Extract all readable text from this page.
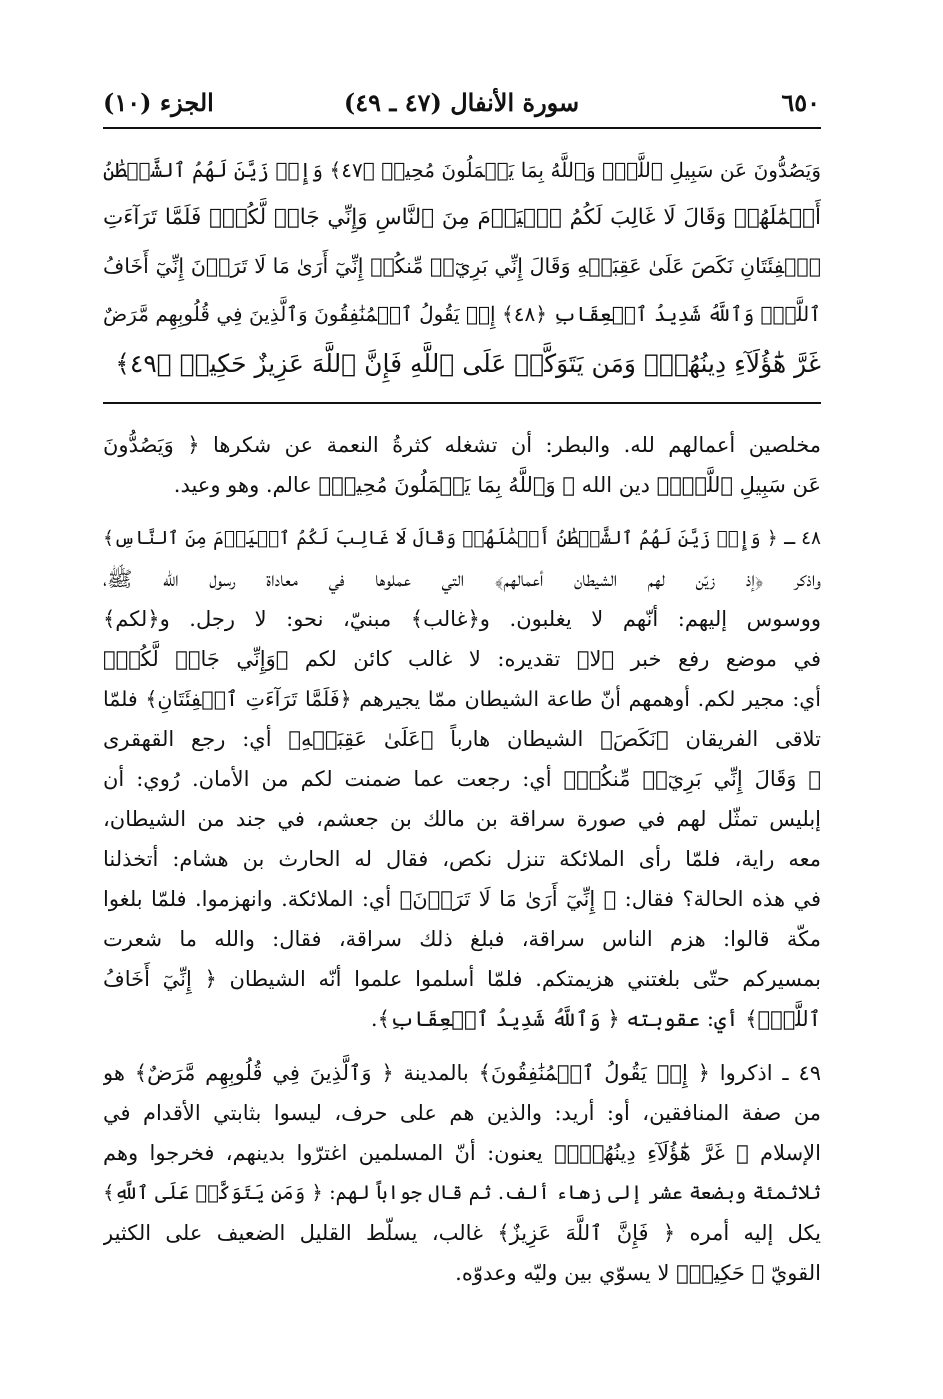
٦٥٠
سورة الأنفال (٤٧ ـ ٤٩)
الجزء (١٠)
وَيَصُدُّونَ عَن سَبِيلِ ٱللَّهِۚ وَٱللَّهُ بِمَا يَعۡمَلُونَ مُحِيطٞ ﴿٤٧﴾ وَإِذۡ زَيَّنَ لَهُمُ ٱلشَّيۡطَٰنُ
أَعۡمَٰلَهُمۡ وَقَالَ لَا غَالِبَ لَكُمُ ٱلۡيَوۡمَ مِنَ ٱلنَّاسِ وَإِنِّي جَارٞ لَّكُمۡۖ فَلَمَّا تَرَآءَتِ
ٱلۡفِئَتَانِ نَكَصَ عَلَىٰ عَقِبَيۡهِ وَقَالَ إِنِّي بَرِيٓءٞ مِّنكُمۡ إِنِّيٓ أَرَىٰ مَا لَا تَرَوۡنَ إِنِّيٓ أَخَافُ
ٱللَّهَۚ وَٱللَّهُ شَدِيدُ ٱلۡعِقَابِ ﴿٤٨﴾ إِذۡ يَقُولُ ٱلۡمُنَٰفِقُونَ وَٱلَّذِينَ فِي قُلُوبِهِم مَّرَضٌ
غَرَّ هَٰٓؤُلَآءِ دِينُهُمۡۗ وَمَن يَتَوَكَّلۡ عَلَى ٱللَّهِ فَإِنَّ ٱللَّهَ عَزِيزٌ حَكِيمٞ ﴿٤٩﴾
مخلصين أعمالهم لله. والبطر: أن تشغله كثرةُ النعمة عن شكرها ﴿ وَيَصُدُّونَ
عَن سَبِيلِ ٱللَّهِۚ﴾ دين الله ﴿ وَٱللَّهُ بِمَا يَعۡمَلُونَ مُحِيطٞ﴾ عالم. وهو وعيد.
٤٨ ـ ﴿ وَإِذۡ زَيَّنَ لَهُمُ ٱلشَّيۡطَٰنُ أَعۡمَٰلَهُمۡ وَقَالَ لَا غَالِبَ لَكُمُ ٱلۡيَوۡمَ مِنَ ٱلنَّاسِ﴾
واذكر ﴿إذ زيّن لهم الشيطان أعمالهم﴾ التي عملوها في معاداة رسول الله ﷺ،
ووسوس إليهم: أنّهم لا يغلبون. و﴿غالب﴾ مبنيّ، نحو: لا رجل. و﴿لكم﴾
في موضع رفع خبر ﴿لا﴾ تقديره: لا غالب كائن لكم ﴿وَإِنِّي جَارٞ لَّكُمۡ﴾
أي: مجير لكم. أوهمهم أنّ طاعة الشيطان ممّا يجيرهم ﴿فَلَمَّا تَرَآءَتِ ٱلۡفِئَتَانِ﴾ فلمّا
تلاقى الفريقان ﴿نَكَصَ﴾ الشيطان هارباً ﴿عَلَىٰ عَقِبَيۡهِ﴾ أي: رجع القهقرى
﴿ وَقَالَ إِنِّي بَرِيٓءٞ مِّنكُمۡ﴾ أي: رجعت عما ضمنت لكم من الأمان. رُوي: أن
إبليس تمثّل لهم في صورة سراقة بن مالك بن جعشم، في جند من الشيطان،
معه راية، فلمّا رأى الملائكة تنزل نكص، فقال له الحارث بن هشام: أتخذلنا
في هذه الحالة؟ فقال: ﴿ إِنِّيٓ أَرَىٰ مَا لَا تَرَوۡنَ﴾ أي: الملائكة. وانهزموا. فلمّا بلغوا
مكّة قالوا: هزم الناس سراقة، فبلغ ذلك سراقة، فقال: والله ما شعرت
بمسيركم حتّى بلغتني هزيمتكم. فلمّا أسلموا علموا أنّه الشيطان ﴿ إِنِّيٓ أَخَافُ
ٱللَّهَۚ﴾ أي: عقوبته ﴿ وَٱللَّهُ شَدِيدُ ٱلۡعِقَابِ﴾.
٤٩ ـ اذكروا ﴿ إِذۡ يَقُولُ ٱلۡمُنَٰفِقُونَ﴾ بالمدينة ﴿ وَٱلَّذِينَ فِي قُلُوبِهِم مَّرَضٌ﴾ هو
من صفة المنافقين، أو: أريد: والذين هم على حرف، ليسوا بثابتي الأقدام في
الإسلام ﴿ غَرَّ هَٰٓؤُلَآءِ دِينُهُمۡۗ﴾ يعنون: أنّ المسلمين اغترّوا بدينهم، فخرجوا وهم
ثلاثمئة وبضعة عشر إلى زهاء ألف. ثم قال جواباً لهم: ﴿ وَمَن يَتَوَكَّلۡ عَلَى ٱللَّهِ﴾
يكل إليه أمره ﴿ فَإِنَّ ٱللَّهَ عَزِيزٌ﴾ غالب، يسلّط القليل الضعيف على الكثير
القويّ ﴿ حَكِيمٞ﴾ لا يسوّي بين وليّه وعدوّه.
